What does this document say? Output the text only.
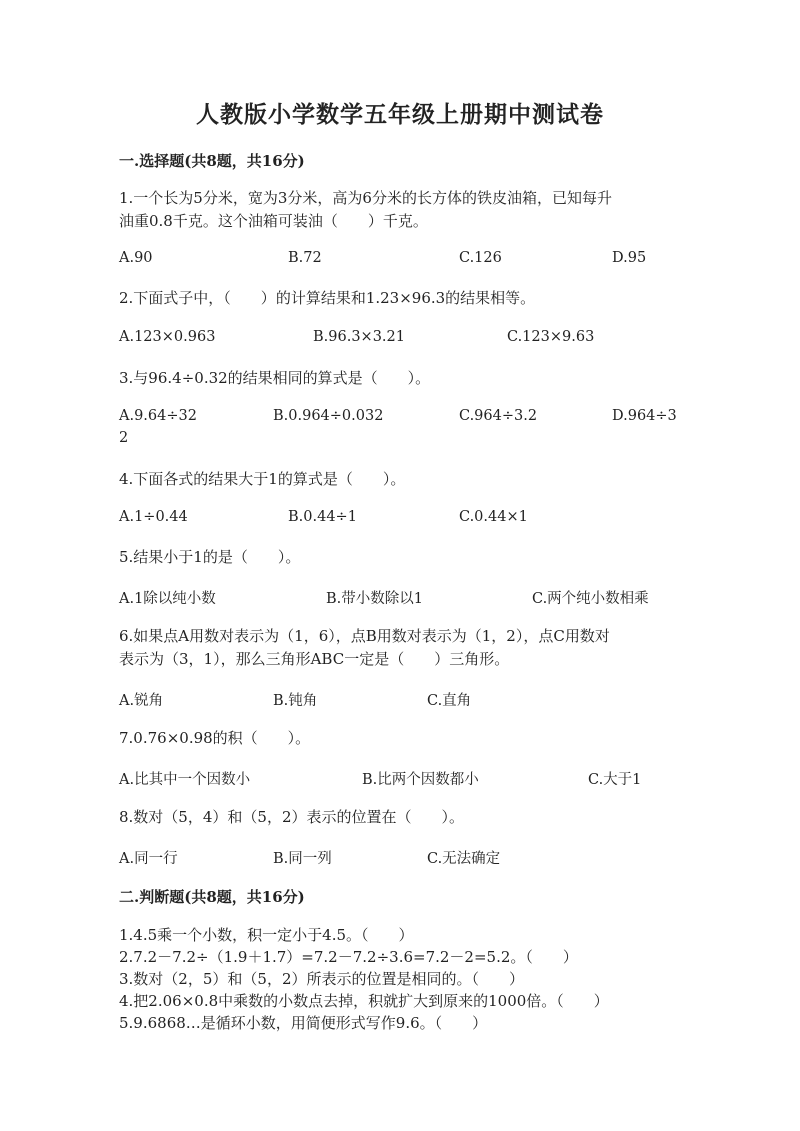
人教版小学数学五年级上册期中测试卷
一.选择题(共8题，共16分)
1.一个长为5分米，宽为3分米，高为6分米的长方体的铁皮油箱，已知每升
油重0.8千克。这个油箱可装油（　　）千克。
A.90	B.72	C.126	D.95
2.下面式子中，（　　）的计算结果和1.23×96.3的结果相等。
A.123×0.963	B.96.3×3.21	C.123×9.63
3.与96.4÷0.32的结果相同的算式是（　　）。
A.9.64÷32	B.0.964÷0.032	C.964÷3.2	D.964÷3
2
4.下面各式的结果大于1的算式是（　　）。
A.1÷0.44	B.0.44÷1	C.0.44×1
5.结果小于1的是（　　）。
A.1除以纯小数	B.带小数除以1	C.两个纯小数相乘
6.如果点A用数对表示为（1，6），点B用数对表示为（1，2），点C用数对
表示为（3，1），那么三角形ABC一定是（　　）三角形。
A.锐角	B.钝角	C.直角
7.0.76×0.98的积（　　）。
A.比其中一个因数小	B.比两个因数都小	C.大于1
8.数对（5，4）和（5，2）表示的位置在（　　）。
A.同一行	B.同一列	C.无法确定
二.判断题(共8题，共16分)
1.4.5乘一个小数，积一定小于4.5。（　　）
2.7.2－7.2÷（1.9＋1.7）=7.2－7.2÷3.6=7.2－2=5.2。（　　）
3.数对（2，5）和（5，2）所表示的位置是相同的。（　　）
4.把2.06×0.8中乘数的小数点去掉，积就扩大到原来的1000倍。（　　）
5.9.6868…是循环小数，用简便形式写作9.6。（　　）
